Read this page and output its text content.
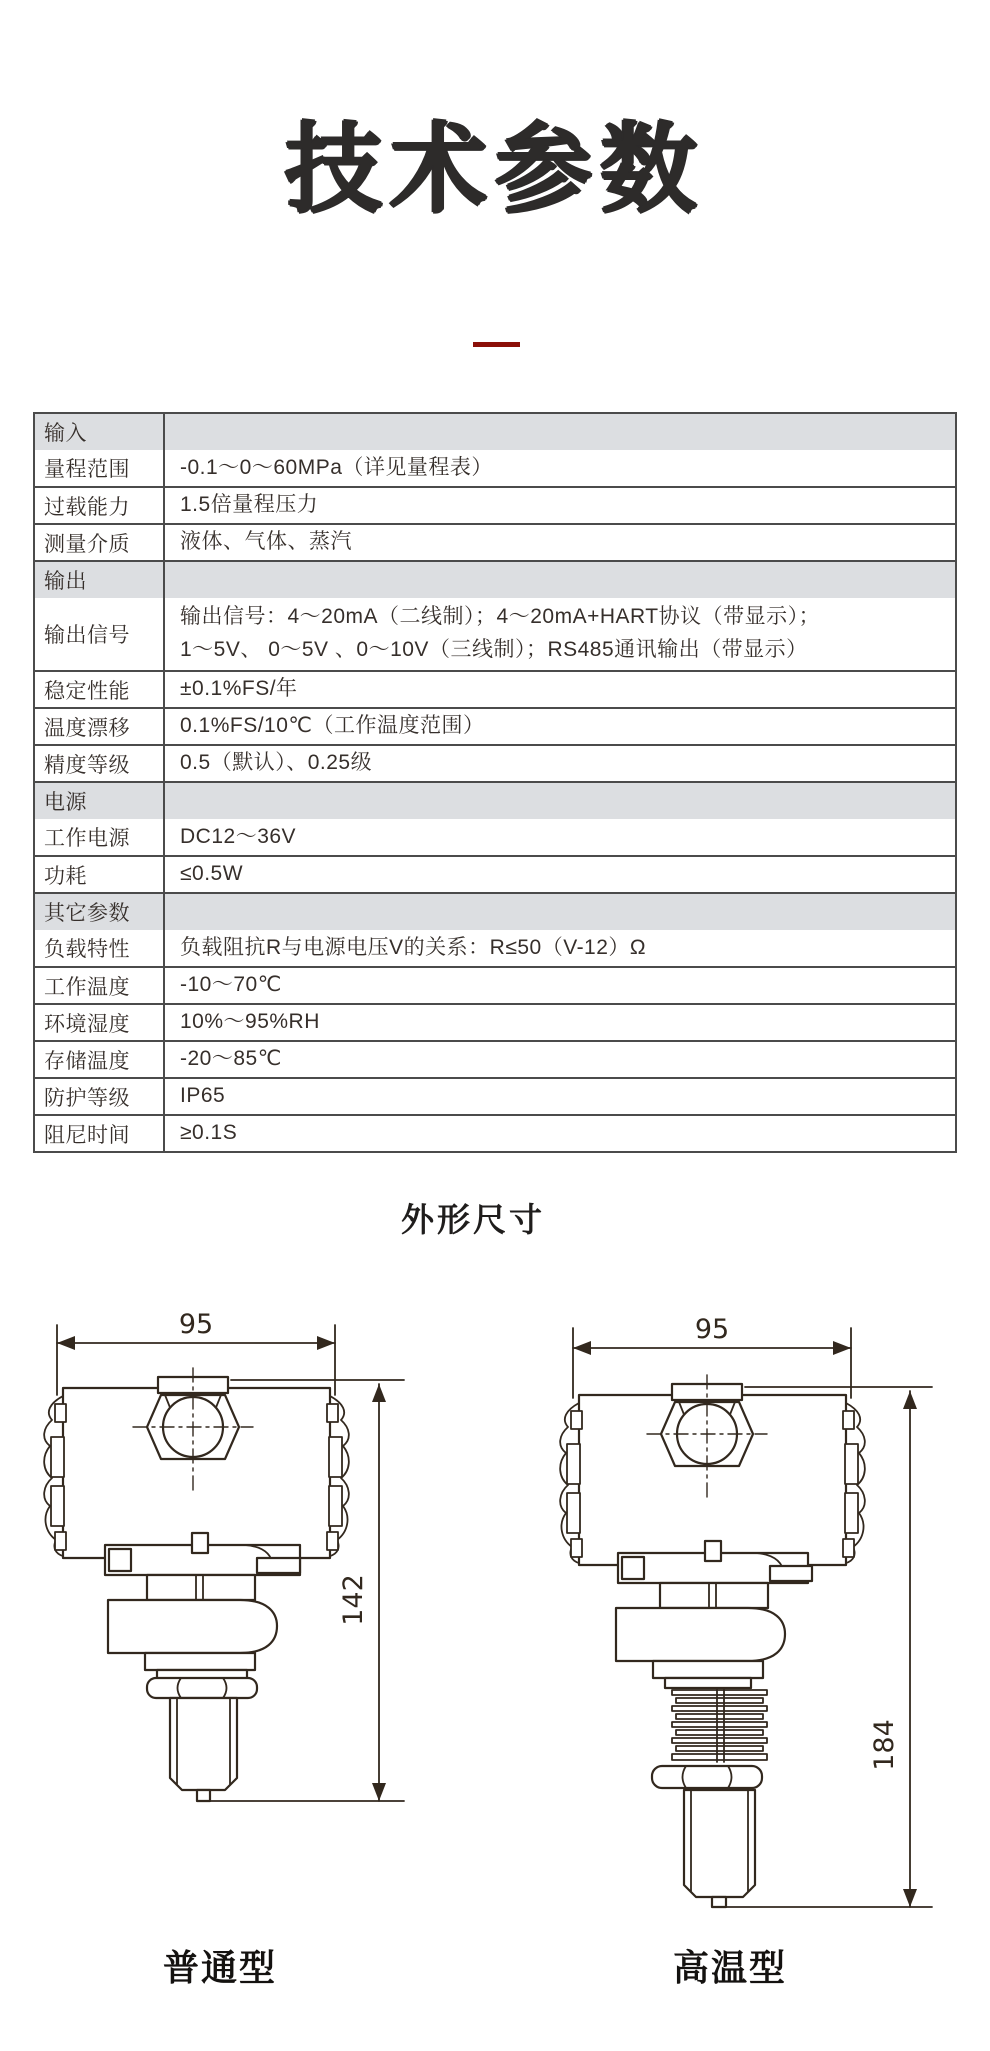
技术参数
输入	
量程范围	-0.1～0～60MPa（详见量程表）

过载能力	1.5倍量程压力

测量介质	液体、气体、蒸汽

输出	
输出信号	输出信号：4～20mA（二线制）；4～20mA+HART协议（带显示）；
1～5V、 0～5V 、0～10V（三线制）；RS485通讯输出（带显示）

稳定性能	±0.1%FS/年

温度漂移	0.1%FS/10℃（工作温度范围）

精度等级	0.5（默认）、0.25级

电源	
工作电源	DC12～36V

功耗	≤0.5W

其它参数	
负载特性	负载阻抗R与电源电压V的关系：R≤50（V-12）Ω

工作温度	-10～70℃

环境湿度	10%～95%RH

存储温度	-20～85℃

防护等级	IP65

阻尼时间	≥0.1S
外形尺寸
95
142
95
184
普通型	高温型
